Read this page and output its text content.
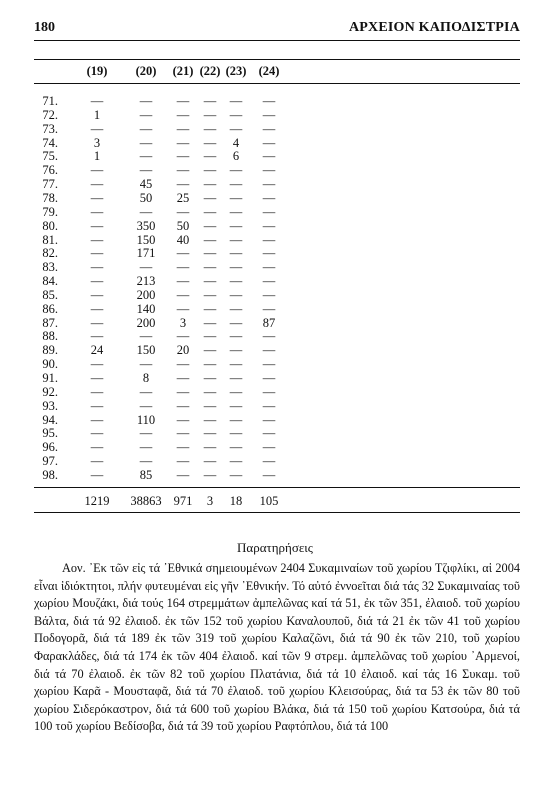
180	ΑΡΧΕΙΟΝ ΚΑΠΟΔΙΣΤΡΙΑ
(19)	(20)	(21) (22) (23) (24)
71.	—	—	—	—	—	—
72.	1	—	—	—	—	—
73.	—	—	—	—	—	—
74.	3	—	—	—	4	—
75.	1	—	—	—	6	—
76.	—	—	—	—	—	—
77.	—	45	—	—	—	—
78.	—	50	25	—	—	—
79.	—	—	—	—	—	—
80.	—	350	50	—	—	—
81.	—	150	40	—	—	—
82.	—	171	—	—	—	—
83.	—	—	—	—	—	—
84.	—	213	—	—	—	—
85.	—	200	—	—	—	—
86.	—	140	—	—	—	—
87.	—	200	3	—	—	87
88.	—	—	—	—	—	—
89.	24	150	20	—	—	—
90.	—	—	—	—	—	—
91.	—	8	—	—	—	—
92.	—	—	—	—	—	—
93.	—	—	—	—	—	—
94.	—	110	—	—	—	—
95.	—	—	—	—	—	—
96.	—	—	—	—	—	—
97.	—	—	—	—	—	—
98.	—	85	—	—	—	—
1219	38863 971	3	18	105
Παρατηρήσεις
Αον. ᾿Εκ τῶν εἰς τά ᾿Εθνικά σημειουμένων 2404 Συκαμιναίων τοῦ χωρίου Τζιφλίκι, αἱ 2004 εἶναι ἰδιόκτητοι, πλήν φυτευμέναι εἰς γῆν ᾿Εθνικήν. Τό αὐτό ἐννοεῖται διά τάς 32 Συκαμιναίας τοῦ χωρίου Μουζάκι, διά τούς 164 στρεμμάτων ἀμπελῶνας καί τά 51, ἐκ τῶν 351, ἐλαιοδ. τοῦ χωρίου Βάλτα, διά τά 92 ἐλαιοδ. ἐκ τῶν 152 τοῦ χωρίου Καναλουποῦ, διά τά 21 ἐκ τῶν 41 τοῦ χωρίου Ποδογορᾶ, διά τά 189 ἐκ τῶν 319 τοῦ χωρίου Καλαζῶνι, διά τά 90 ἐκ τῶν 210, τοῦ χωρίου Φαρακλάδες, διά τά 174 ἐκ τῶν 404 ἐλαιοδ. καί τῶν 9 στρεμ. ἀμπελῶνας τοῦ χωρίου ᾿Αρμενοί, διά τά 70 ἐλαιοδ. ἐκ τῶν 82 τοῦ χωρίου Πλατάνια, διά τά 10 ἐλαιοδ. καί τάς 16 Συκαμ. τοῦ χωρίου Καρᾶ - Μουσταφᾶ, διά τά 70 ἐλαιοδ. τοῦ χωρίου Κλεισούρας, διά τα 53 ἐκ τῶν 80 τοῦ χωρίου Σιδερόκαστρον, διά τά 600 τοῦ χωρίου Βλάκα, διά τά 150 τοῦ χωρίου Κατσούρα, διά τά 100 τοῦ χωρίου Βεδίσοβα, διά τά 39 τοῦ χωρίου Ραφτόπλου, διά τά 100
